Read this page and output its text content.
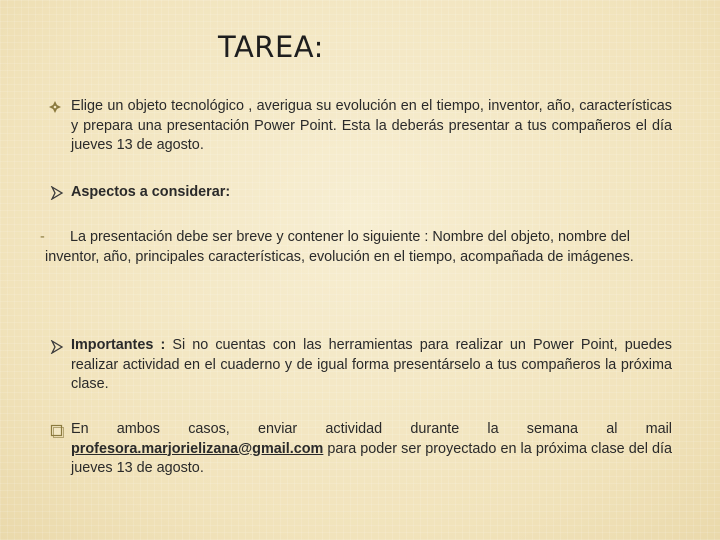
TAREA:
Elige un objeto tecnológico , averigua su evolución en el tiempo, inventor, año, características y prepara una presentación Power Point. Esta la deberás presentar a tus compañeros el día jueves 13 de agosto.
Aspectos a considerar:
-	La presentación debe ser breve y contener lo siguiente : Nombre del objeto, nombre del
inventor, año, principales características, evolución en el tiempo, acompañada de imágenes.
Importantes : Si no cuentas con las herramientas para realizar un Power Point, puedes realizar actividad en el cuaderno y de igual forma presentárselo a tus compañeros la próxima clase.
En ambos casos, enviar actividad durante la semana al mail profesora.marjorielizana@gmail.com para poder ser proyectado en la próxima clase del día jueves 13 de agosto.
